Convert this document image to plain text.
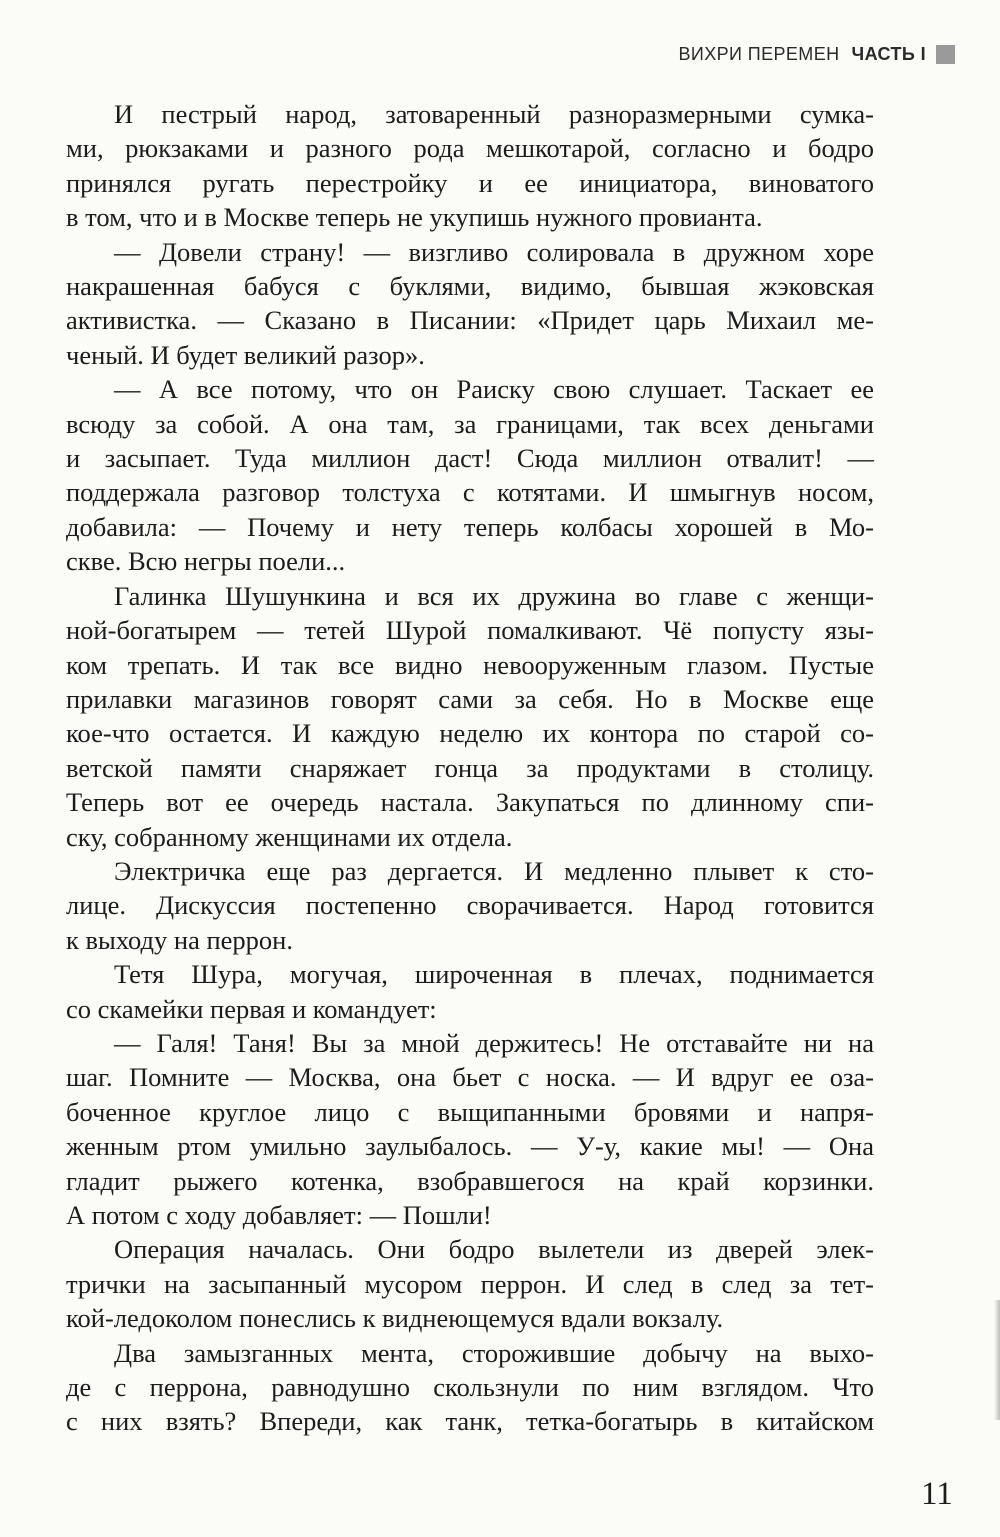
ВИХРИ ПЕРЕМЕН ЧАСТЬ I

И пестрый народ, затоваренный разноразмерными сумка-

ми, рюкзаками и разного рода мешкотарой, согласно и бодро

принялся ругать перестройку и ее инициатора, виноватого

в том, что и в Москве теперь не укупишь нужного провианта.

— Довели страну! — визгливо солировала в дружном хоре

накрашенная бабуся с буклями, видимо, бывшая жэковская

активистка. — Сказано в Писании: «Придет царь Михаил ме-

ченый. И будет великий разор».

— А все потому, что он Раиску свою слушает. Таскает ее

всюду за собой. А она там, за границами, так всех деньгами

и засыпает. Туда миллион даст! Сюда миллион отвалит! —

поддержала разговор толстуха с котятами. И шмыгнув носом,

добавила: — Почему и нету теперь колбасы хорошей в Мо-

скве. Всю негры поели...

Галинка Шушункина и вся их дружина во главе с женщи-

ной-богатырем — тетей Шурой помалкивают. Чё попусту язы-

ком трепать. И так все видно невооруженным глазом. Пустые

прилавки магазинов говорят сами за себя. Но в Москве еще

кое-что остается. И каждую неделю их контора по старой со-

ветской памяти снаряжает гонца за продуктами в столицу.

Теперь вот ее очередь настала. Закупаться по длинному спи-

ску, собранному женщинами их отдела.

Электричка еще раз дергается. И медленно плывет к сто-

лице. Дискуссия постепенно сворачивается. Народ готовится

к выходу на перрон.

Тетя Шура, могучая, широченная в плечах, поднимается

со скамейки первая и командует:

— Галя! Таня! Вы за мной держитесь! Не отставайте ни на

шаг. Помните — Москва, она бьет с носка. — И вдруг ее оза-

боченное круглое лицо с выщипанными бровями и напря-

женным ртом умильно заулыбалось. — У-у, какие мы! — Она

гладит рыжего котенка, взобравшегося на край корзинки.

А потом с ходу добавляет: — Пошли!

Операция началась. Они бодро вылетели из дверей элек-

трички на засыпанный мусором перрон. И след в след за тет-

кой-ледоколом понеслись к виднеющемуся вдали вокзалу.

Два замызганных мента, сторожившие добычу на выхо-

де с перрона, равнодушно скользнули по ним взглядом. Что

с них взять? Впереди, как танк, тетка-богатырь в китайском

11
